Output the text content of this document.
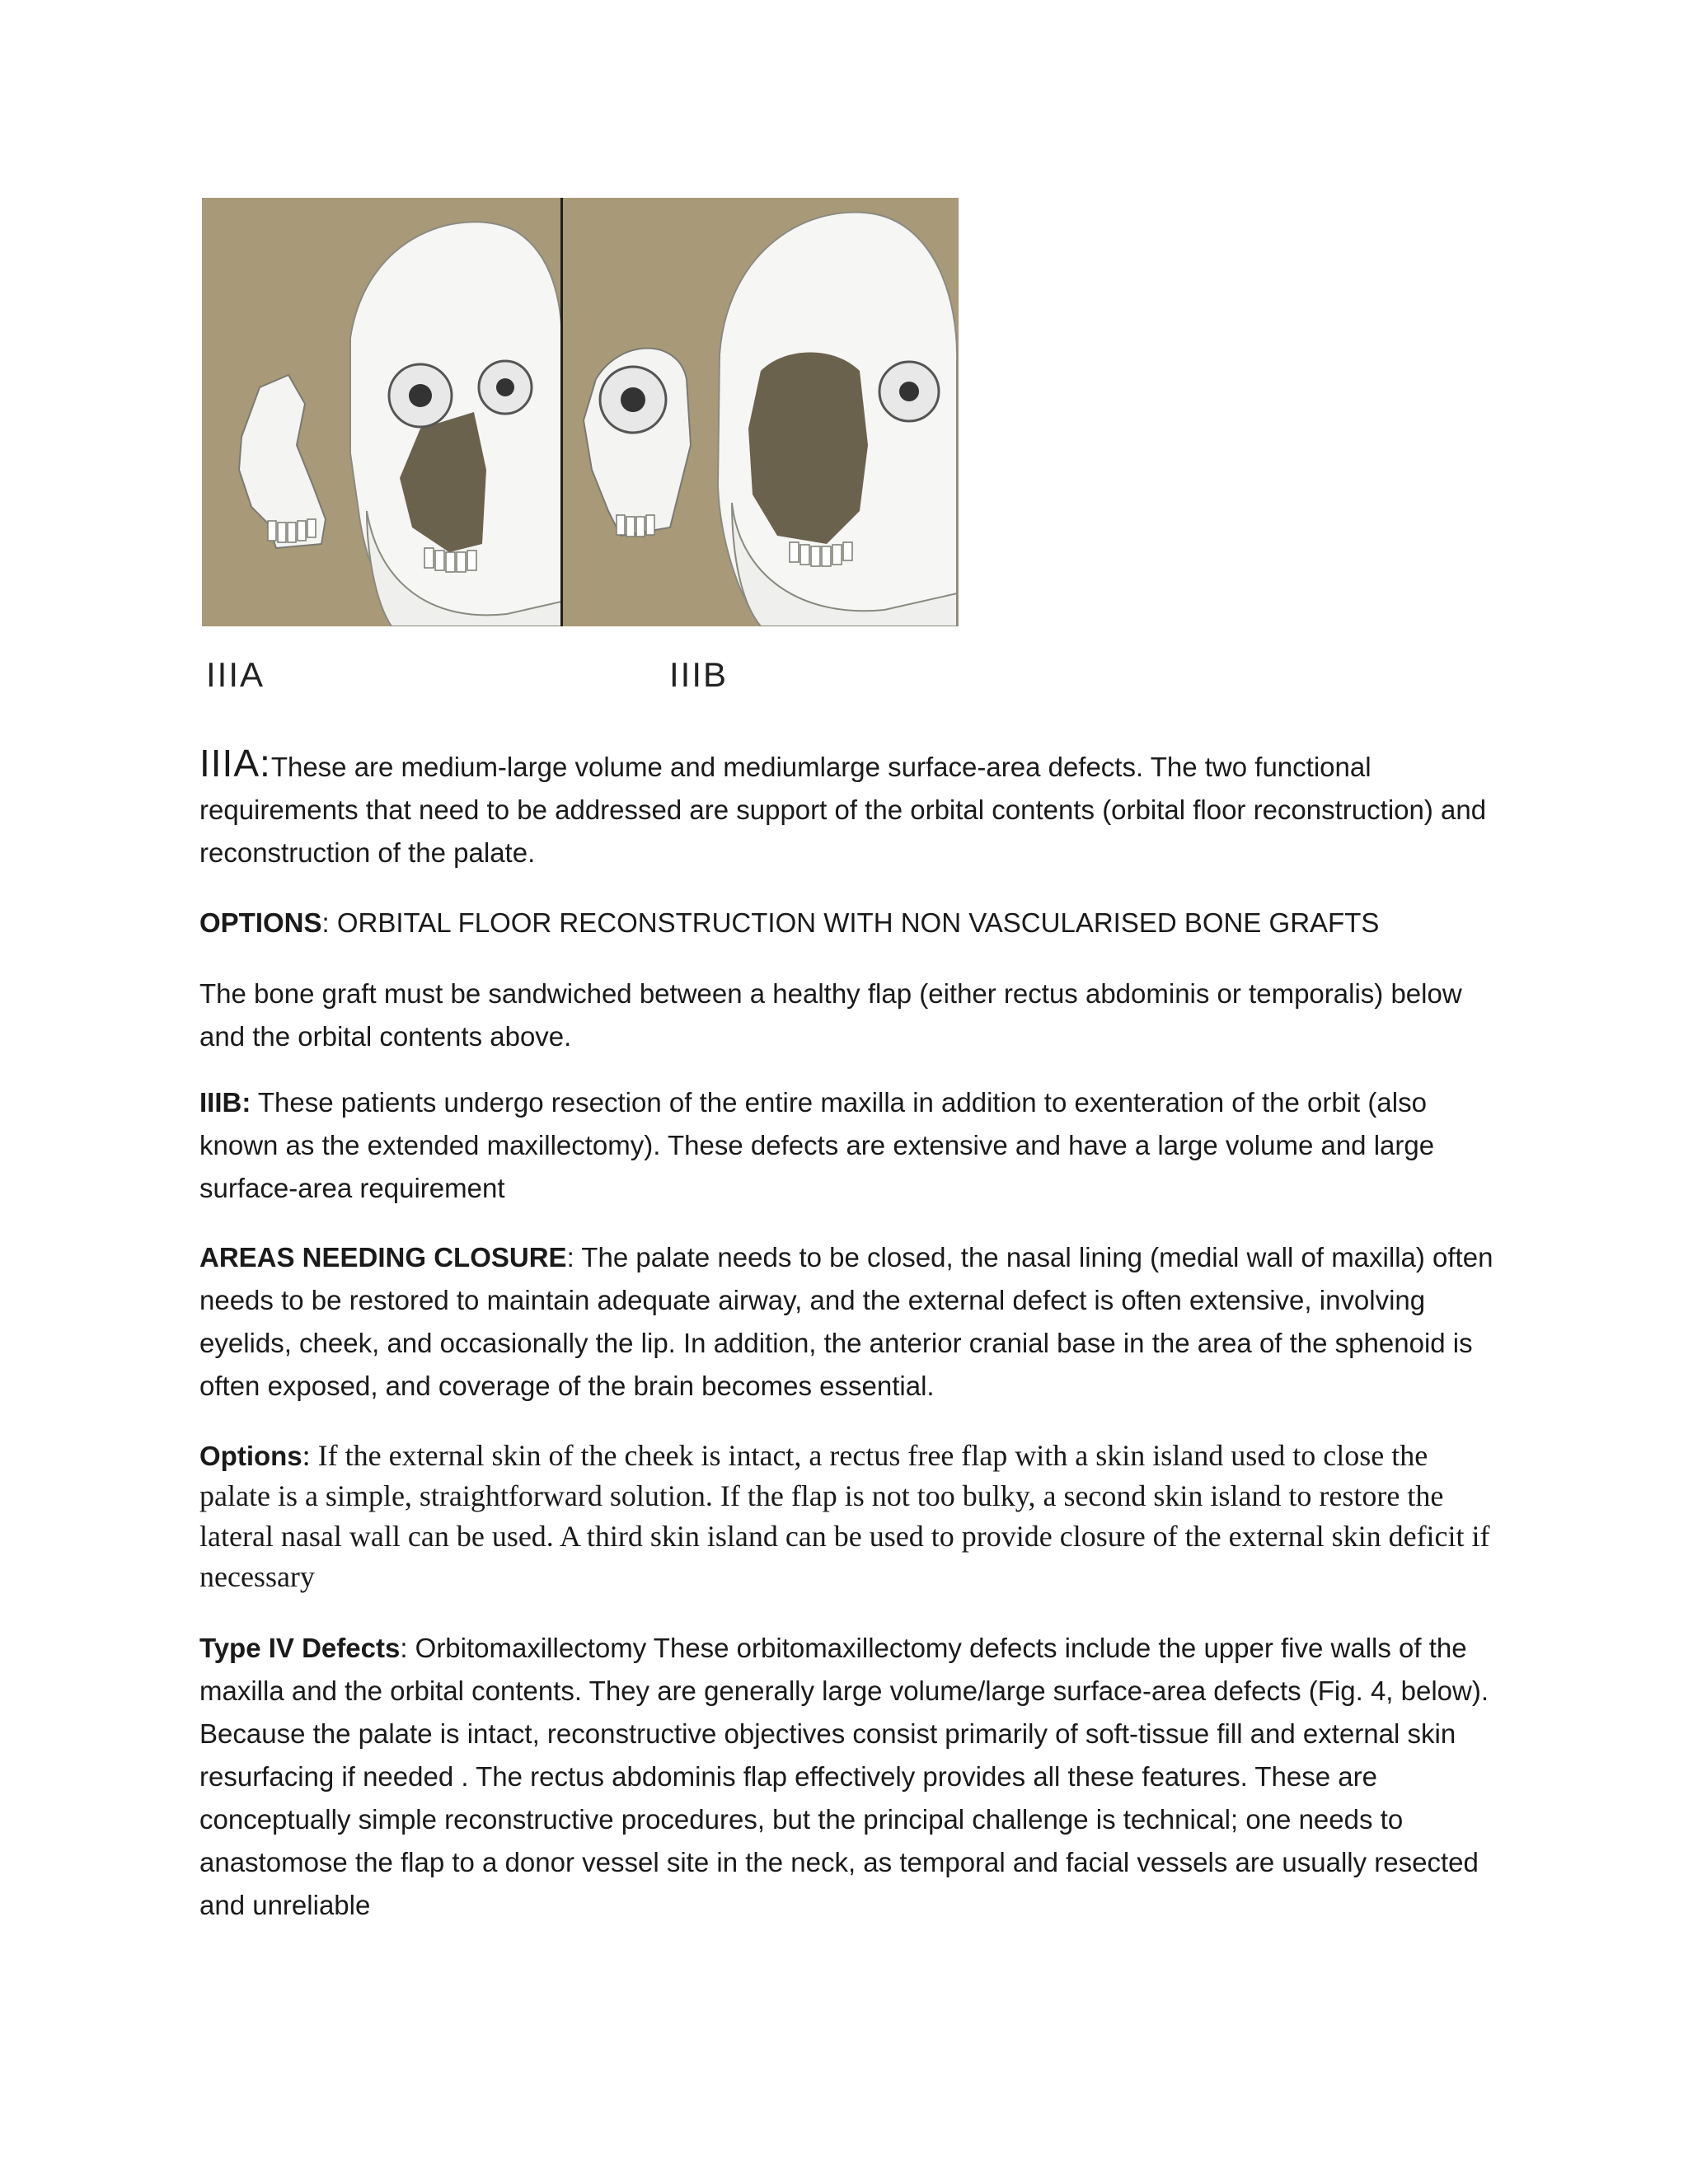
IIIA	IIIB

IIIA:These are medium-large volume and mediumlarge surface-area defects. The two functional requirements that need to be addressed are support of the orbital contents (orbital floor reconstruction) and reconstruction of the palate.

OPTIONS: ORBITAL FLOOR RECONSTRUCTION WITH NON VASCULARISED BONE GRAFTS

The bone graft must be sandwiched between a healthy flap (either rectus abdominis or temporalis) below and the orbital contents above.

IIIB: These patients undergo resection of the entire maxilla in addition to exenteration of the orbit (also known as the extended maxillectomy). These defects are extensive and have a large volume and large surface-area requirement

AREAS NEEDING CLOSURE: The palate needs to be closed, the nasal lining (medial wall of maxilla) often needs to be restored to maintain adequate airway, and the external defect is often extensive, involving eyelids, cheek, and occasionally the lip. In addition, the anterior cranial base in the area of the sphenoid is often exposed, and coverage of the brain becomes essential.

Options: If the external skin of the cheek is intact, a rectus free flap with a skin island used to close the palate is a simple, straightforward solution. If the flap is not too bulky, a second skin island to restore the lateral nasal wall can be used. A third skin island can be used to provide closure of the external skin deficit if necessary

Type IV Defects: Orbitomaxillectomy These orbitomaxillectomy defects include the upper five walls of the maxilla and the orbital contents. They are generally large volume/large surface-area defects (Fig. 4, below). Because the palate is intact, reconstructive objectives consist primarily of soft-tissue fill and external skin resurfacing if needed . The rectus abdominis flap effectively provides all these features. These are conceptually simple reconstructive procedures, but the principal challenge is technical; one needs to anastomose the flap to a donor vessel site in the neck, as temporal and facial vessels are usually resected and unreliable
